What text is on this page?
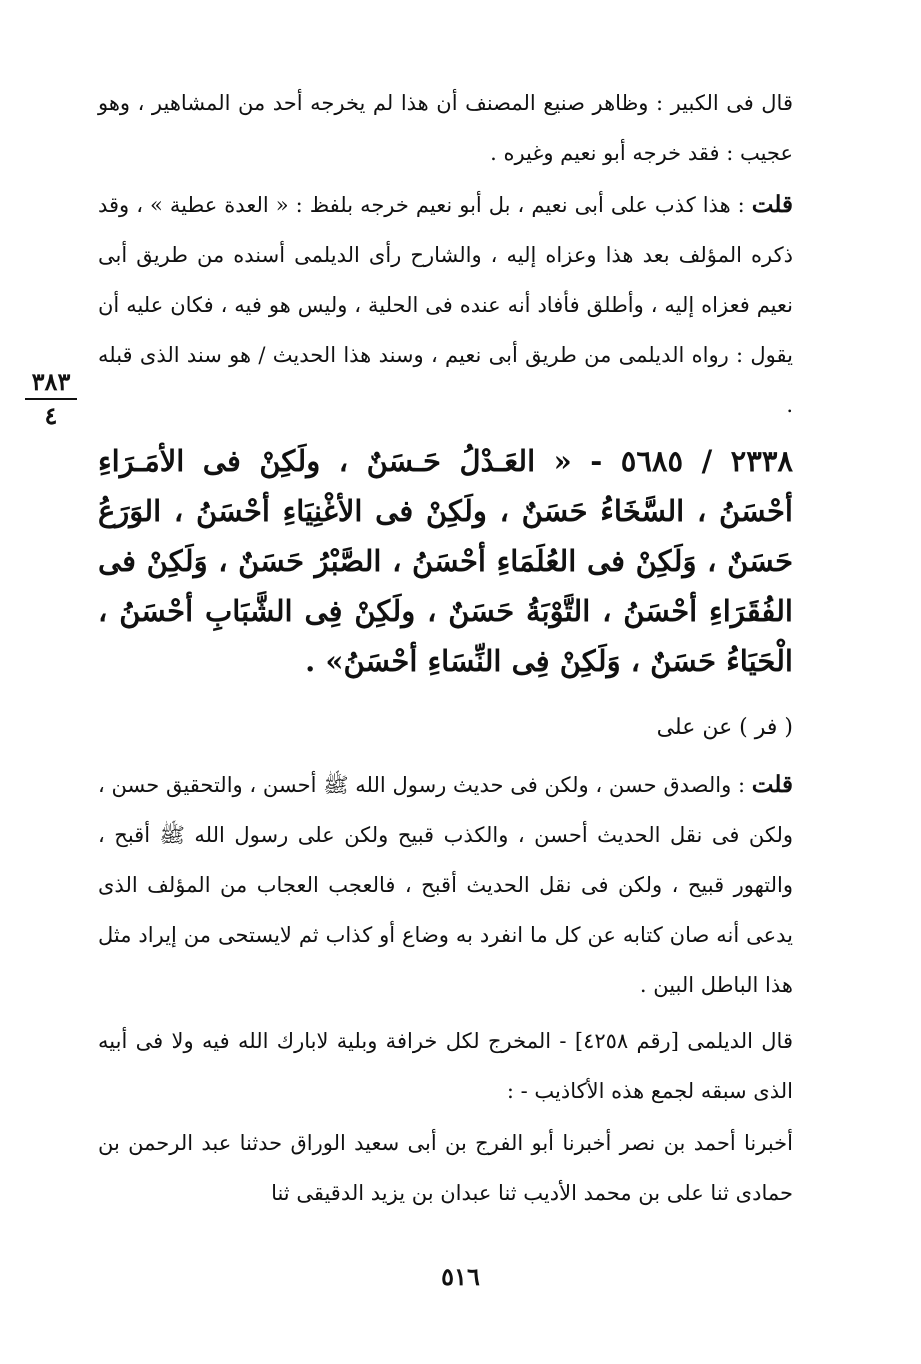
قال فى الكبير : وظاهر صنيع المصنف أن هذا لم يخرجه أحد من المشاهير ، وهو عجيب : فقد خرجه أبو نعيم وغيره .

قلت : هذا كذب على أبى نعيم ، بل أبو نعيم خرجه بلفظ : « العدة عطية » ، وقد ذكره المؤلف بعد هذا وعزاه إليه ، والشارح رأى الديلمى أسنده من طريق أبى نعيم فعزاه إليه ، وأطلق فأفاد أنه عنده فى الحلية ، وليس هو فيه ، فكان عليه أن يقول : رواه الديلمى من طريق أبى نعيم ، وسند هذا الحديث / هو سند الذى قبله .

٣٨٣
٤

٢٣٣٨ / ٥٦٨٥ - « العَـدْلُ حَـسَنٌ ، ولَكِنْ فى الأمَـرَاءِ أحْسَنُ ، السَّخَاءُ حَسَنٌ ، ولَكِنْ فى الأغْنِيَاءِ أحْسَنُ ، الوَرَعُ حَسَنٌ ، وَلَكِنْ فى العُلَمَاءِ أحْسَنُ ، الصَّبْرُ حَسَنٌ ، وَلَكِنْ فى الفُقَرَاءِ أحْسَنُ ، التَّوْبَةُ حَسَنٌ ، ولَكِنْ فِى الشَّبَابِ أحْسَنُ ، الْحَيَاءُ حَسَنٌ ، وَلَكِنْ فِى النِّسَاءِ أحْسَنُ» .

( فر ) عن على

قلت : والصدق حسن ، ولكن فى حديث رسول الله ﷺ أحسن ، والتحقيق حسن ، ولكن فى نقل الحديث أحسن ، والكذب قبيح ولكن على رسول الله ﷺ أقبح ، والتهور قبيح ، ولكن فى نقل الحديث أقبح ، فالعجب العجاب من المؤلف الذى يدعى أنه صان كتابه عن كل ما انفرد به وضاع أو كذاب ثم لايستحى من إيراد مثل هذا الباطل البين .

قال الديلمى [رقم ٤٢٥٨] - المخرج لكل خرافة وبلية لابارك الله فيه ولا فى أبيه الذى سبقه لجمع هذه الأكاذيب - :

أخبرنا أحمد بن نصر أخبرنا أبو الفرج بن أبى سعيد الوراق حدثنا عبد الرحمن بن حمادى ثنا على بن محمد الأديب ثنا عبدان بن يزيد الدقيقى ثنا

٥١٦
